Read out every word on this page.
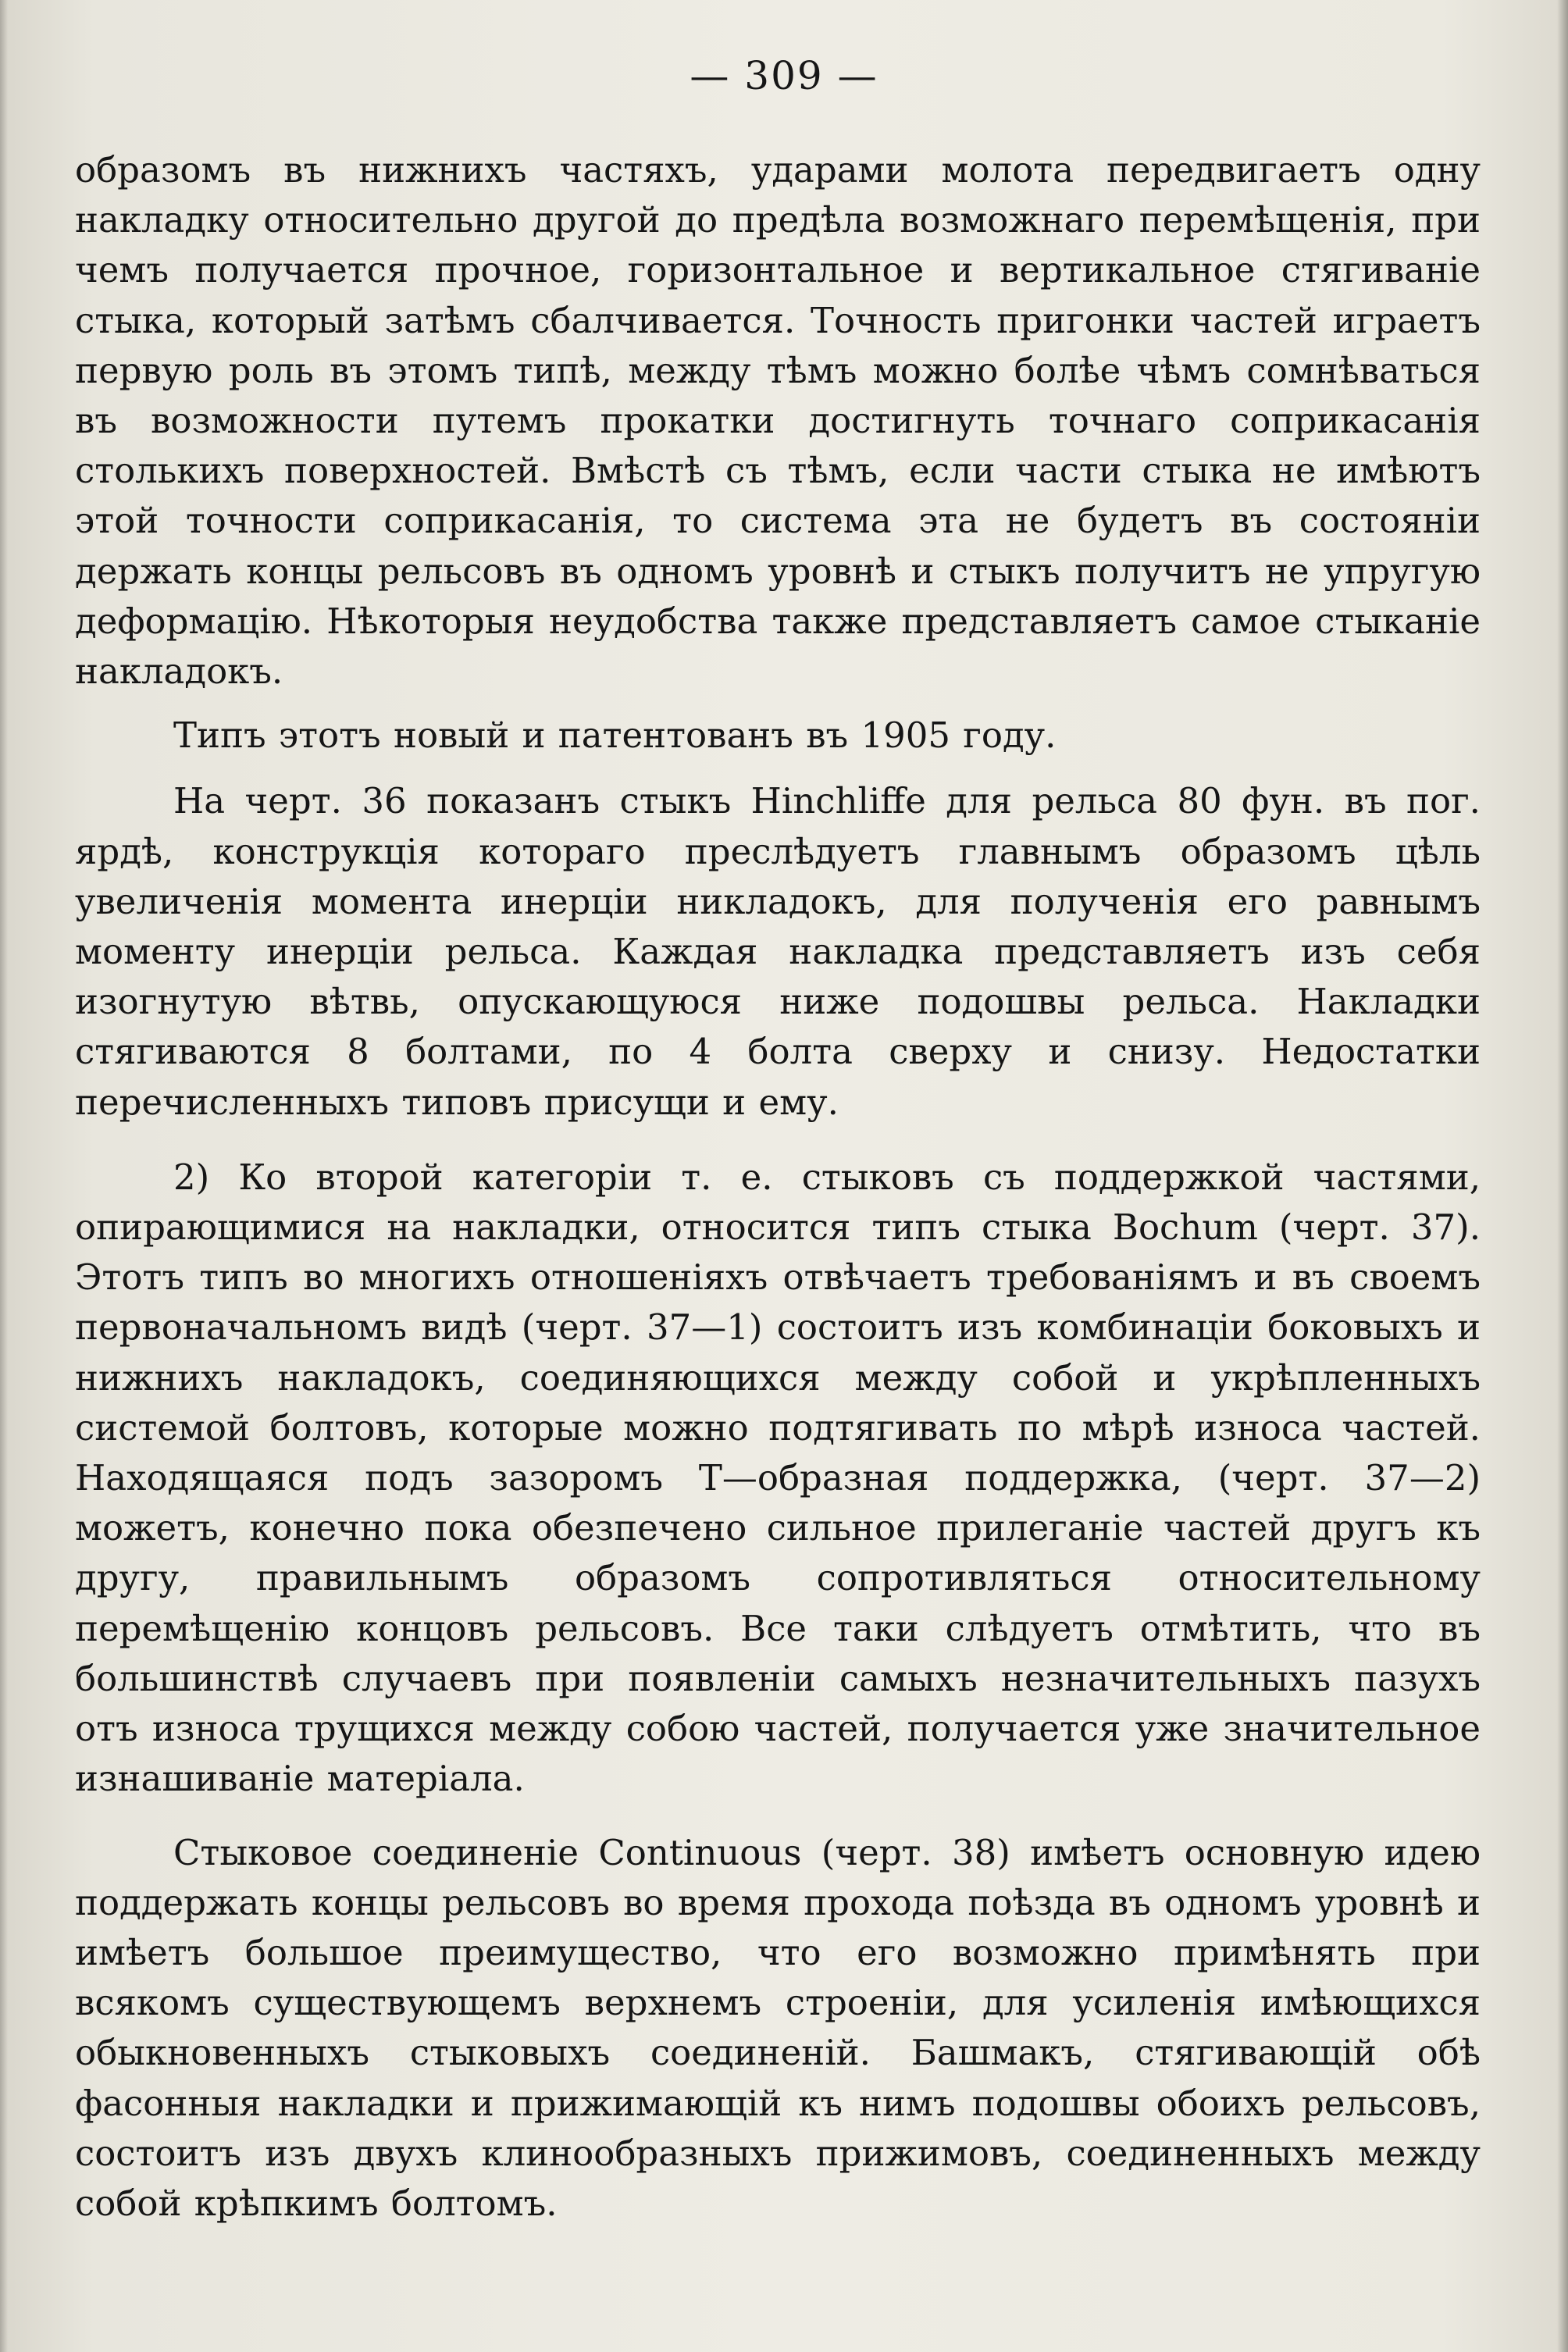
— 309 —

образомъ въ нижнихъ частяхъ, ударами молота передвигаетъ одну накладку относительно другой до предѣла возможнаго перемѣщенія, при чемъ получается прочное, горизонтальное и вертикальное стягиваніе стыка, который затѣмъ сбалчивается. Точность пригонки частей играетъ первую роль въ этомъ типѣ, между тѣмъ можно болѣе чѣмъ сомнѣваться въ возможности путемъ прокатки достигнуть точнаго соприкасанія столькихъ поверхностей. Вмѣстѣ съ тѣмъ, если части стыка не имѣютъ этой точности соприкасанія, то система эта не будетъ въ состояніи держать концы рельсовъ въ одномъ уровнѣ и стыкъ получитъ не упругую деформацію. Нѣкоторыя неудобства также представляетъ самое стыканіе накладокъ.

Типъ этотъ новый и патентованъ въ 1905 году.

На черт. 36 показанъ стыкъ Hinchliffe для рельса 80 фун. въ пог. ярдѣ, конструкція котораго преслѣдуетъ главнымъ образомъ цѣль увеличенія момента инерціи никладокъ, для полученія его равнымъ моменту инерціи рельса. Каждая накладка представляетъ изъ себя изогнутую вѣтвь, опускающуюся ниже подошвы рельса. Накладки стягиваются 8 болтами, по 4 болта сверху и снизу. Недостатки перечисленныхъ типовъ присущи и ему.

2) Ко второй категоріи т. е. стыковъ съ поддержкой частями, опирающимися на накладки, относится типъ стыка Bochum (черт. 37). Этотъ типъ во многихъ отношеніяхъ отвѣчаетъ требованіямъ и въ своемъ первоначальномъ видѣ (черт. 37—1) состоитъ изъ комбинаціи боковыхъ и нижнихъ накладокъ, соединяющихся между собой и укрѣпленныхъ системой болтовъ, которые можно подтягивать по мѣрѣ износа частей. Находящаяся подъ зазоромъ Т—образная поддержка, (черт. 37—2) можетъ, конечно пока обезпечено сильное прилеганіе частей другъ къ другу, правильнымъ образомъ сопротивляться относительному перемѣщенію концовъ рельсовъ. Все таки слѣдуетъ отмѣтить, что въ большинствѣ случаевъ при появленіи самыхъ незначительныхъ пазухъ отъ износа трущихся между собою частей, получается уже значительное изнашиваніе матеріала.

Стыковое соединеніе Continuous (черт. 38) имѣетъ основную идею поддержать концы рельсовъ во время прохода поѣзда въ одномъ уровнѣ и имѣетъ большое преимущество, что его возможно примѣнять при всякомъ существующемъ верхнемъ строеніи, для усиленія имѣющихся обыкновенныхъ стыковыхъ соединеній. Башмакъ, стягивающій обѣ фасонныя накладки и прижимающій къ нимъ подошвы обоихъ рельсовъ, состоитъ изъ двухъ клинообразныхъ прижимовъ, соединенныхъ между собой крѣпкимъ болтомъ.
